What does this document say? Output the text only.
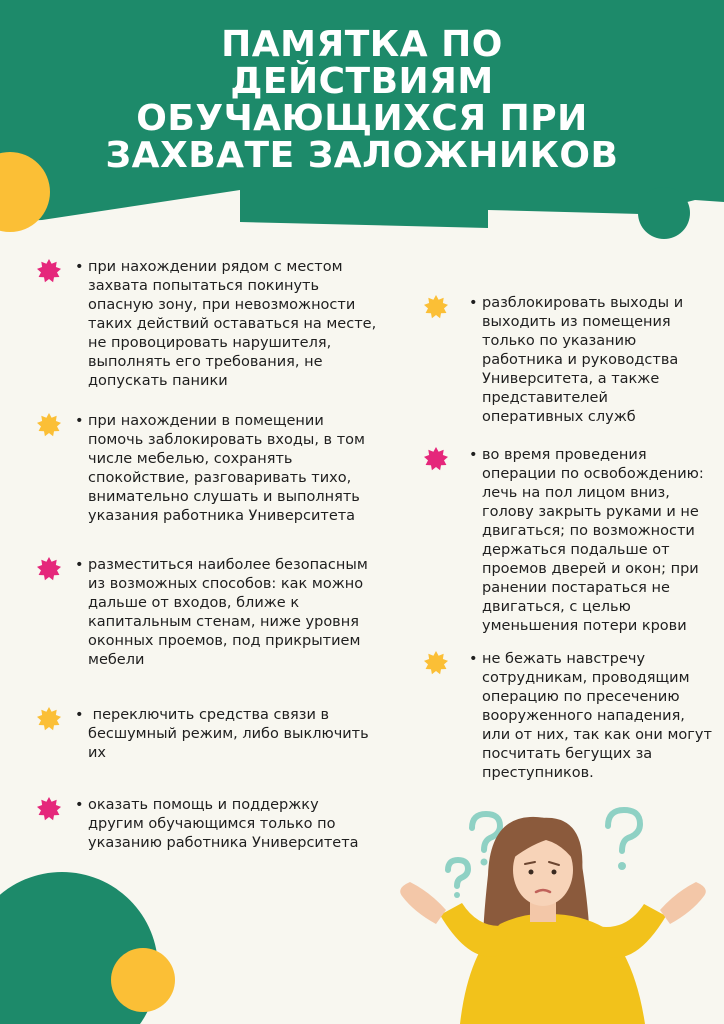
ПАМЯТКА ПО
ДЕЙСТВИЯМ
ОБУЧАЮЩИХСЯ ПРИ
ЗАХВАТЕ ЗАЛОЖНИКОВ
• при нахождении рядом с местом
захвата попытаться покинуть
опасную зону, при невозможности
таких действий оставаться на месте,
не провоцировать нарушителя,
выполнять его требования, не
допускать паники
• при нахождении в помещении
помочь заблокировать входы, в том
числе мебелью, сохранять
спокойствие, разговаривать тихо,
внимательно слушать и выполнять
указания работника Университета
• разместиться наиболее безопасным
из возможных способов: как можно
дальше от входов, ближе к
капитальным стенам, ниже уровня
оконных проемов, под прикрытием
мебели
•  переключить средства связи в
бесшумный режим, либо выключить
их
• оказать помощь и поддержку
другим обучающимся только по
указанию работника Университета
• разблокировать выходы и
выходить из помещения
только по указанию
работника и руководства
Университета, а также
представителей
оперативных служб
• во время проведения
операции по освобождению:
лечь на пол лицом вниз,
голову закрыть руками и не
двигаться; по возможности
держаться подальше от
проемов дверей и окон; при
ранении постараться не
двигаться, с целью
уменьшения потери крови
• не бежать навстречу
сотрудникам, проводящим
операцию по пресечению
вооруженного нападения,
или от них, так как они могут
посчитать бегущих за
преступников.
